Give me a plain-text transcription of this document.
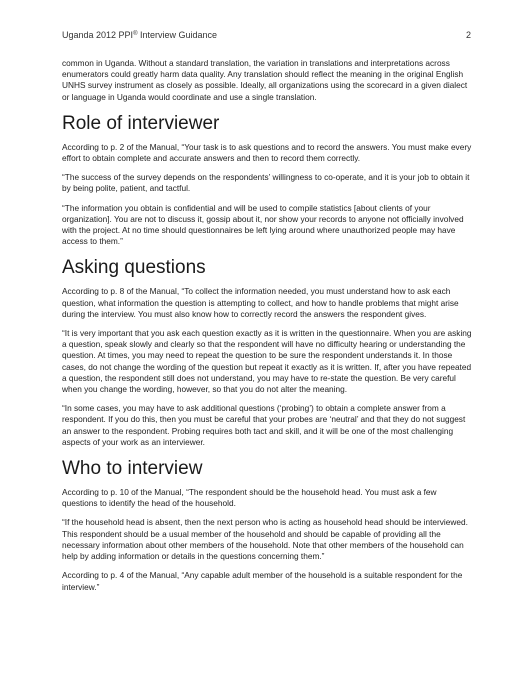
Uganda 2012 PPI® Interview Guidance	2

common in Uganda. Without a standard translation, the variation in translations and interpretations across enumerators could greatly harm data quality. Any translation should reflect the meaning in the original English UNHS survey instrument as closely as possible. Ideally, all organizations using the scorecard in a given dialect or language in Uganda would coordinate and use a single translation.

Role of interviewer

According to p. 2 of the Manual, “Your task is to ask questions and to record the answers. You must make every effort to obtain complete and accurate answers and then to record them correctly.

“The success of the survey depends on the respondents’ willingness to co-operate, and it is your job to obtain it by being polite, patient, and tactful.

“The information you obtain is confidential and will be used to compile statistics [about clients of your organization]. You are not to discuss it, gossip about it, nor show your records to anyone not officially involved with the project. At no time should questionnaires be left lying around where unauthorized people may have access to them.”

Asking questions

According to p. 8 of the Manual, “To collect the information needed, you must understand how to ask each question, what information the question is attempting to collect, and how to handle problems that might arise during the interview. You must also know how to correctly record the answers the respondent gives.

“It is very important that you ask each question exactly as it is written in the questionnaire. When you are asking a question, speak slowly and clearly so that the respondent will have no difficulty hearing or understanding the question. At times, you may need to repeat the question to be sure the respondent understands it. In those cases, do not change the wording of the question but repeat it exactly as it is written. If, after you have repeated a question, the respondent still does not understand, you may have to re-state the question. Be very careful when you change the wording, however, so that you do not alter the meaning.

“In some cases, you may have to ask additional questions (‘probing’) to obtain a complete answer from a respondent. If you do this, then you must be careful that your probes are ‘neutral’ and that they do not suggest an answer to the respondent. Probing requires both tact and skill, and it will be one of the most challenging aspects of your work as an interviewer.

Who to interview

According to p. 10 of the Manual, “The respondent should be the household head. You must ask a few questions to identify the head of the household.

“If the household head is absent, then the next person who is acting as household head should be interviewed. This respondent should be a usual member of the household and should be capable of providing all the necessary information about other members of the household. Note that other members of the household can help by adding information or details in the questions concerning them.”

According to p. 4 of the Manual, “Any capable adult member of the household is a suitable respondent for the interview.”
